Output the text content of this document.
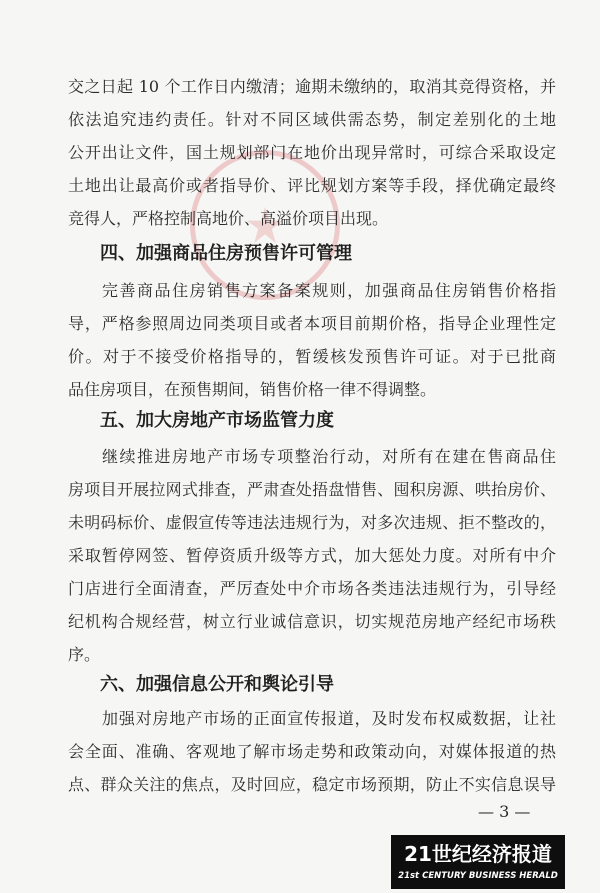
交之日起 10 个工作日内缴清；逾期未缴纳的，取消其竞得资格，并
依法追究违约责任。针对不同区域供需态势，制定差别化的土地
公开出让文件，国土规划部门在地价出现异常时，可综合采取设定
土地出让最高价或者指导价、评比规划方案等手段，择优确定最终
竞得人，严格控制高地价、高溢价项目出现。
四、加强商品住房预售许可管理
完善商品住房销售方案备案规则，加强商品住房销售价格指
导，严格参照周边同类项目或者本项目前期价格，指导企业理性定
价。对于不接受价格指导的，暂缓核发预售许可证。对于已批商
品住房项目，在预售期间，销售价格一律不得调整。
五、加大房地产市场监管力度
继续推进房地产市场专项整治行动，对所有在建在售商品住
房项目开展拉网式排查，严肃查处捂盘惜售、囤积房源、哄抬房价、
未明码标价、虚假宣传等违法违规行为，对多次违规、拒不整改的，
采取暂停网签、暂停资质升级等方式，加大惩处力度。对所有中介
门店进行全面清查，严厉查处中介市场各类违法违规行为，引导经
纪机构合规经营，树立行业诚信意识，切实规范房地产经纪市场秩
序。
六、加强信息公开和舆论引导
加强对房地产市场的正面宣传报道，及时发布权威数据，让社
会全面、准确、客观地了解市场走势和政策动向，对媒体报道的热
点、群众关注的焦点，及时回应，稳定市场预期，防止不实信息误导
— 3 —
21世纪经济报道
21st CENTURY BUSINESS HERALD
